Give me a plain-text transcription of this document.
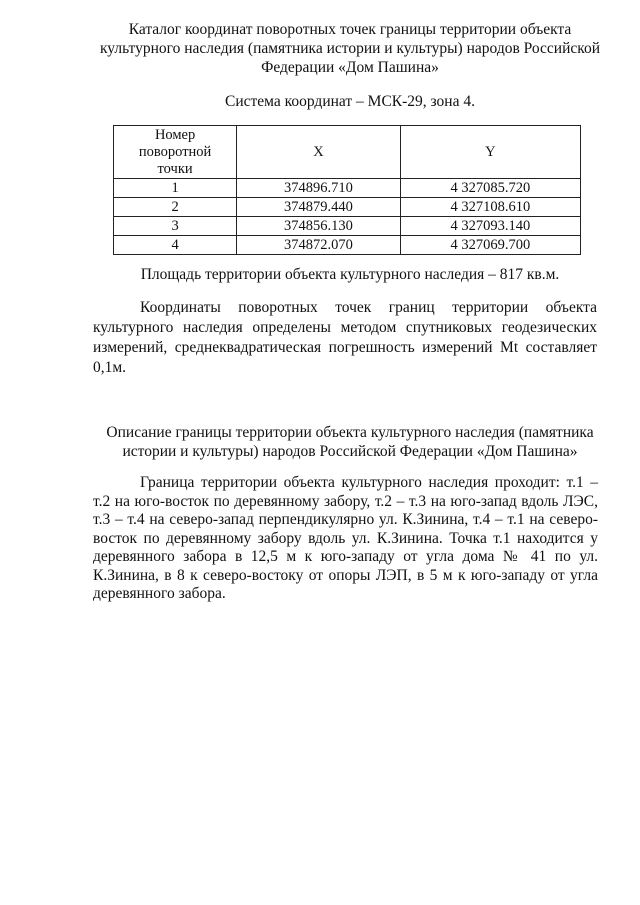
Каталог координат поворотных точек границы территории объекта
культурного наследия (памятника истории и культуры) народов Российской
Федерации «Дом Пашина»
Система координат – МСК-29, зона 4.
Номер
поворотной
точки	X	Y
1	374896.710	4 327085.720
2	374879.440	4 327108.610
3	374856.130	4 327093.140
4	374872.070	4 327069.700
Площадь территории объекта культурного наследия – 817 кв.м.

Координаты поворотных точек границ территории объекта культурного наследия определены методом спутниковых геодезических измерений, среднеквадратическая погрешность измерений Mt составляет 0,1м.

Описание границы территории объекта культурного наследия (памятника
истории и культуры) народов Российской Федерации «Дом Пашина»

Граница территории объекта культурного наследия проходит: т.1 – т.2 на юго-восток по деревянному забору, т.2 – т.3 на юго-запад вдоль ЛЭС, т.3 – т.4 на северо-запад перпендикулярно ул. К.Зинина, т.4 – т.1 на северо-восток по деревянному забору вдоль ул. К.Зинина. Точка т.1 находится у деревянного забора в 12,5 м к юго-западу от угла дома № 41 по ул. К.Зинина, в 8 к северо-востоку от опоры ЛЭП, в 5 м к юго-западу от угла деревянного забора.
